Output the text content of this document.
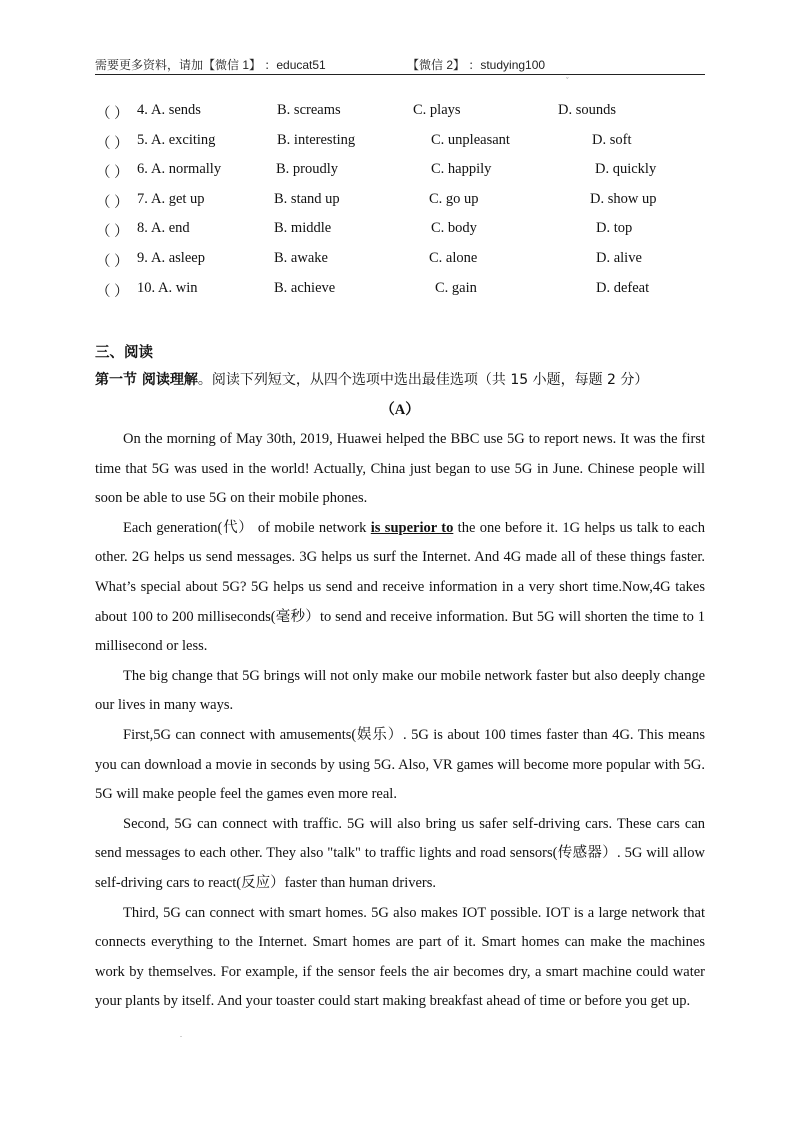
需要更多资料，请加【微信 1】 ：educat51	【微信 2】 ：studying100
ˇ
（ ） 4. A. sends	B. screams	C. plays	D. sounds
（ ） 5. A. exciting	B. interesting	C. unpleasant	D. soft
（ ） 6. A. normally	B. proudly	C. happily	D. quickly
（ ） 7. A. get up	B. stand up	C. go up	D. show up
（ ） 8. A. end	B. middle	C. body	D. top
（ ） 9. A. asleep	B. awake	C. alone	D. alive
（ ） 10. A. win	B. achieve	C. gain	D. defeat
三、阅读
第一节 阅读理解。阅读下列短文，从四个选项中选出最佳选项（共 15 小题，每题 2 分）
（A）

On the morning of May 30th, 2019, Huawei helped the BBC use 5G to report news. It was the first time that 5G was used in the world! Actually, China just began to use 5G in June. Chinese people will soon be able to use 5G on their mobile phones.

Each generation(代） of mobile network is superior to the one before it. 1G helps us talk to each other. 2G helps us send messages. 3G helps us surf the Internet. And 4G made all of these things faster. What’s special about 5G? 5G helps us send and receive information in a very short time.Now,4G takes about 100 to 200 milliseconds(毫秒）to send and receive information. But 5G will shorten the time to 1 millisecond or less.

The big change that 5G brings will not only make our mobile network faster but also deeply change our lives in many ways.

First,5G can connect with amusements(娱乐）. 5G is about 100 times faster than 4G. This means you can download a movie in seconds by using 5G. Also, VR games will become more popular with 5G. 5G will make people feel the games even more real.

Second, 5G can connect with traffic. 5G will also bring us safer self-driving cars. These cars can send messages to each other. They also "talk" to traffic lights and road sensors(传感器）. 5G will allow self-driving cars to react(反应）faster than human drivers.

Third, 5G can connect with smart homes. 5G also makes IOT possible. IOT is a large network that connects everything to the Internet. Smart homes are part of it. Smart homes can make the machines work by themselves. For example, if the sensor feels the air becomes dry, a smart machine could water your plants by itself. And your toaster could start making breakfast ahead of time or before you get up.

.
